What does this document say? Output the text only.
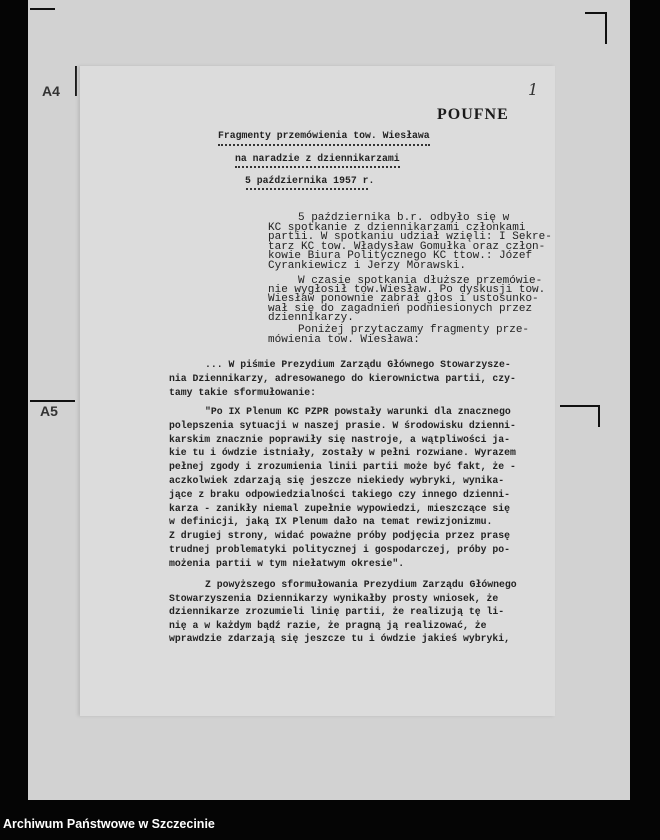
A4
A5
POUFNE
1
Fragmenty przemówienia tow. Wiesława
na naradzie z dziennikarzami
5 października 1957 r.
5 października b.r. odbyło się w
KC spotkanie z dziennikarzami członkami
partii. W spotkaniu udział wzięli: I Sekre-
tarz KC tow. Władysław Gomułka oraz człon-
kowie Biura Politycznego KC ttow.: Józef
Cyrankiewicz i Jerzy Morawski.
W czasie spotkania dłuższe przemówie-
nie wygłosił tow.Wiesław. Po dyskusji tow.
Wiesław ponownie zabrał głos i ustosunko-
wał się do zagadnień podniesionych przez
dziennikarzy.
Poniżej przytaczamy fragmenty prze-
mówienia tow. Wiesława:
... W piśmie Prezydium Zarządu Głównego Stowarzysze-
nia Dziennikarzy, adresowanego do kierownictwa partii, czy-
tamy takie sformułowanie:
"Po IX Plenum KC PZPR powstały warunki dla znacznego
polepszenia sytuacji w naszej prasie. W środowisku dzienni-
karskim znacznie poprawiły się nastroje, a wątpliwości ja-
kie tu i ówdzie istniały, zostały w pełni rozwiane. Wyrazem
pełnej zgody i zrozumienia linii partii może być fakt, że -
aczkolwiek zdarzają się jeszcze niekiedy wybryki, wynika-
jące z braku odpowiedzialności takiego czy innego dzienni-
karza - zanikły niemal zupełnie wypowiedzi, mieszczące się
w definicji, jaką IX Plenum dało na temat rewizjonizmu.
Z drugiej strony, widać poważne próby podjęcia przez prasę
trudnej problematyki politycznej i gospodarczej, próby po-
możenia partii w tym niełatwym okresie".
Z powyższego sformułowania Prezydium Zarządu Głównego
Stowarzyszenia Dziennikarzy wynikałby prosty wniosek, że
dziennikarze zrozumieli linię partii, że realizują tę li-
nię a w każdym bądź razie, że pragną ją realizować, że
wprawdzie zdarzają się jeszcze tu i ówdzie jakieś wybryki,
Archiwum Państwowe w Szczecinie
